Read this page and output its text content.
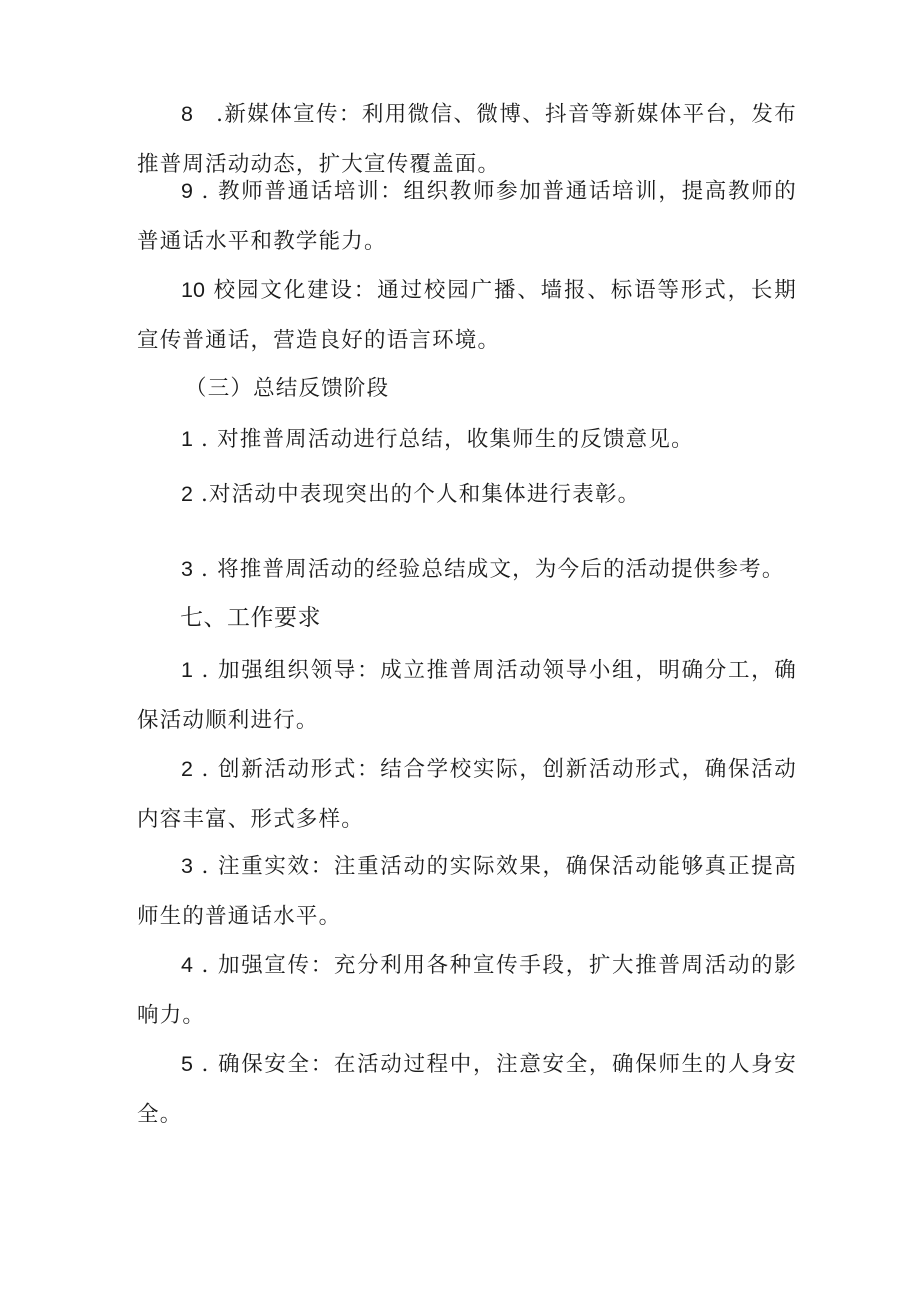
8　.新媒体宣传：利用微信、微博、抖音等新媒体平台，发布推普周活动动态，扩大宣传覆盖面。

9 . 教师普通话培训：组织教师参加普通话培训，提高教师的普通话水平和教学能力。

10 校园文化建设：通过校园广播、墙报、标语等形式，长期宣传普通话，营造良好的语言环境。

（三）总结反馈阶段

1 . 对推普周活动进行总结，收集师生的反馈意见。

2 .对活动中表现突出的个人和集体进行表彰。

3 . 将推普周活动的经验总结成文，为今后的活动提供参考。

七、工作要求

1 . 加强组织领导：成立推普周活动领导小组，明确分工，确保活动顺利进行。

2 . 创新活动形式：结合学校实际，创新活动形式，确保活动内容丰富、形式多样。

3 . 注重实效：注重活动的实际效果，确保活动能够真正提高师生的普通话水平。

4 . 加强宣传：充分利用各种宣传手段，扩大推普周活动的影响力。

5 . 确保安全：在活动过程中，注意安全，确保师生的人身安全。
